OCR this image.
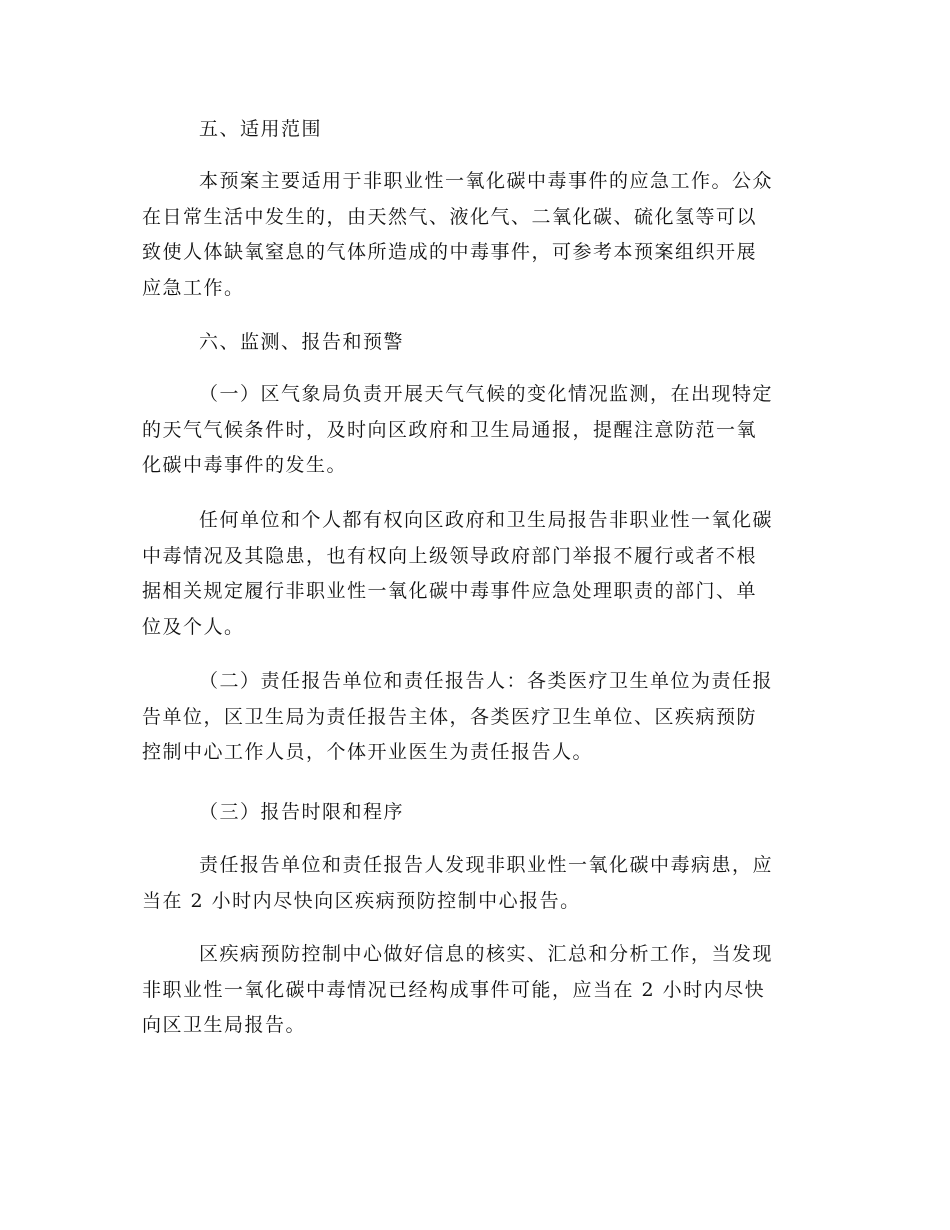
五、适用范围
本预案主要适用于非职业性一氧化碳中毒事件的应急工作。公众
在日常生活中发生的，由天然气、液化气、二氧化碳、硫化氢等可以
致使人体缺氧窒息的气体所造成的中毒事件，可参考本预案组织开展
应急工作。
六、监测、报告和预警
（一）区气象局负责开展天气气候的变化情况监测，在出现特定
的天气气候条件时，及时向区政府和卫生局通报，提醒注意防范一氧
化碳中毒事件的发生。
任何单位和个人都有权向区政府和卫生局报告非职业性一氧化碳
中毒情况及其隐患，也有权向上级领导政府部门举报不履行或者不根
据相关规定履行非职业性一氧化碳中毒事件应急处理职责的部门、单
位及个人。
（二）责任报告单位和责任报告人：各类医疗卫生单位为责任报
告单位，区卫生局为责任报告主体，各类医疗卫生单位、区疾病预防
控制中心工作人员，个体开业医生为责任报告人。
（三）报告时限和程序
责任报告单位和责任报告人发现非职业性一氧化碳中毒病患，应
当在 2 小时内尽快向区疾病预防控制中心报告。
区疾病预防控制中心做好信息的核实、汇总和分析工作，当发现
非职业性一氧化碳中毒情况已经构成事件可能，应当在 2 小时内尽快
向区卫生局报告。
